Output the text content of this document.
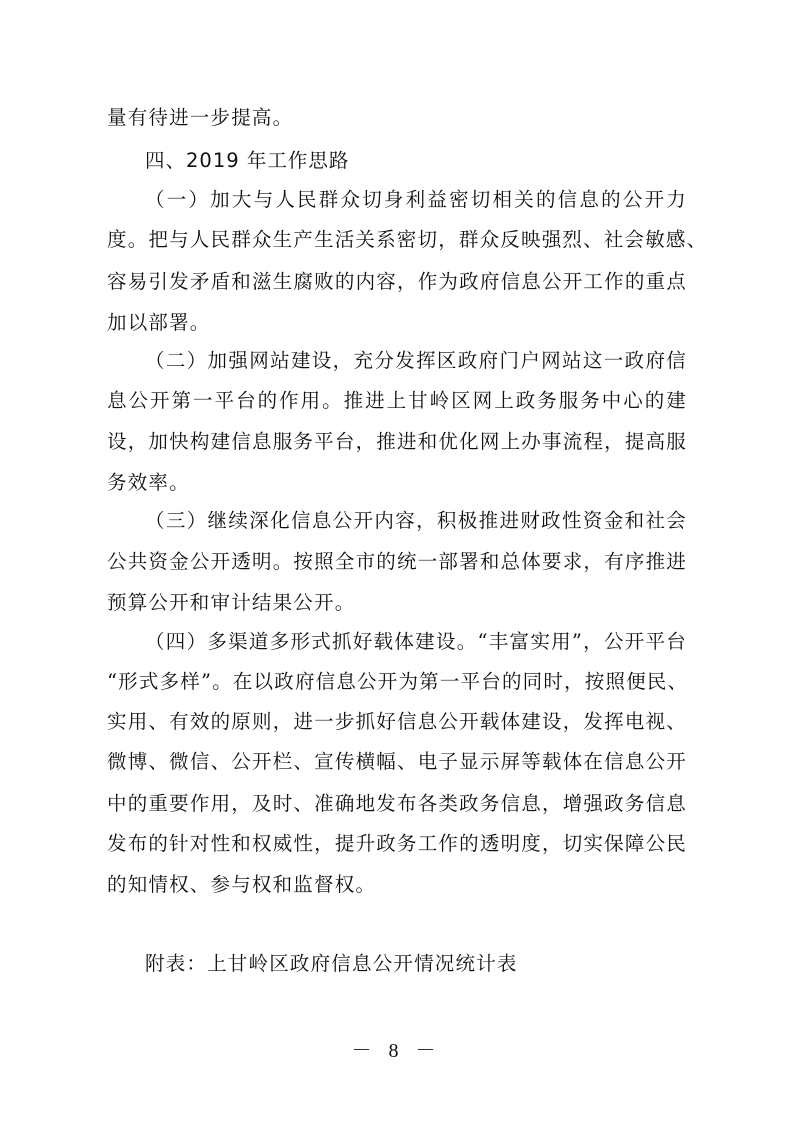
量有待进一步提高。
四、2019 年工作思路
（一）加大与人民群众切身利益密切相关的信息的公开力
度。把与人民群众生产生活关系密切，群众反映强烈、社会敏感、
容易引发矛盾和滋生腐败的内容，作为政府信息公开工作的重点
加以部署。
（二）加强网站建设，充分发挥区政府门户网站这一政府信
息公开第一平台的作用。推进上甘岭区网上政务服务中心的建
设，加快构建信息服务平台，推进和优化网上办事流程，提高服
务效率。
（三）继续深化信息公开内容，积极推进财政性资金和社会
公共资金公开透明。按照全市的统一部署和总体要求，有序推进
预算公开和审计结果公开。
（四）多渠道多形式抓好载体建设。“丰富实用”，公开平台
“形式多样”。在以政府信息公开为第一平台的同时，按照便民、
实用、有效的原则，进一步抓好信息公开载体建设，发挥电视、
微博、微信、公开栏、宣传横幅、电子显示屏等载体在信息公开
中的重要作用，及时、准确地发布各类政务信息，增强政务信息
发布的针对性和权威性，提升政务工作的透明度，切实保障公民
的知情权、参与权和监督权。
附表：上甘岭区政府信息公开情况统计表
－ 8 －
